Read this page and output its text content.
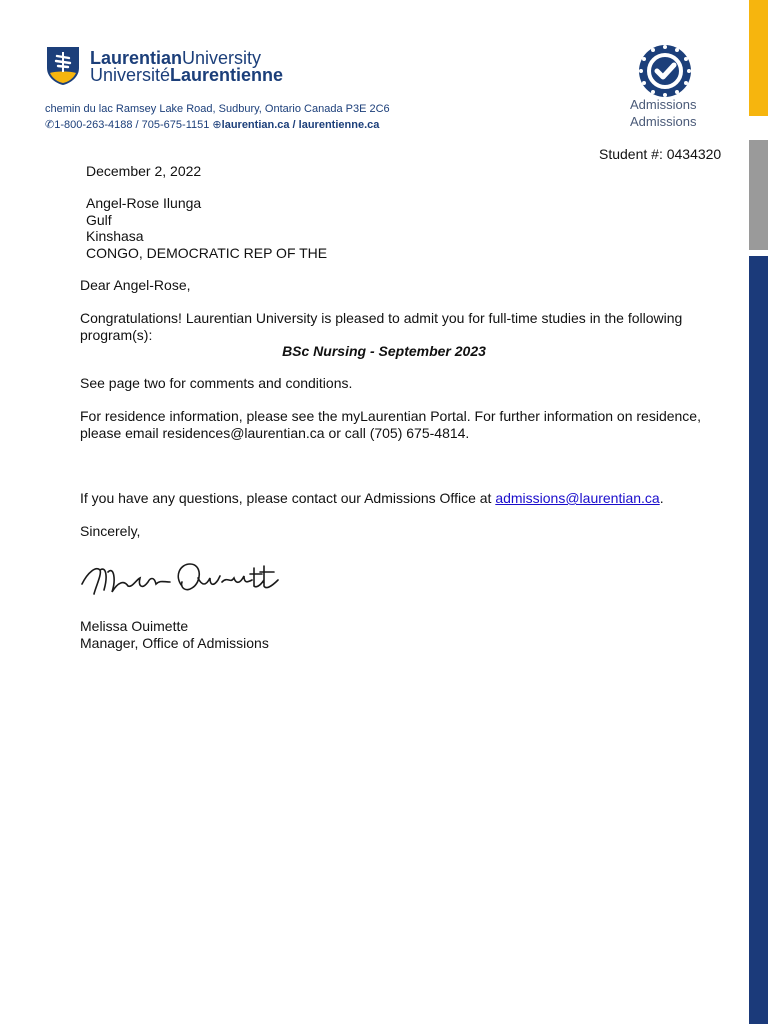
LaurentianUniversity
UniversitéLaurentienne
chemin du lac Ramsey Lake Road, Sudbury, Ontario Canada P3E 2C6
✆1-800-263-4188 / 705-675-1151 ⊕laurentian.ca / laurentienne.ca
Admissions
Admissions
Student #: 0434320
December 2, 2022
Angel-Rose Ilunga
Gulf
Kinshasa
CONGO, DEMOCRATIC REP OF THE
Dear Angel-Rose,
Congratulations! Laurentian University is pleased to admit you for full-time studies in the following
program(s):
BSc Nursing - September 2023
See page two for comments and conditions.
For residence information, please see the myLaurentian Portal. For further information on residence,
please email residences@laurentian.ca or call (705) 675-4814.
If you have any questions, please contact our Admissions Office at admissions@laurentian.ca.
Sincerely,
Melissa Ouimette
Manager, Office of Admissions
